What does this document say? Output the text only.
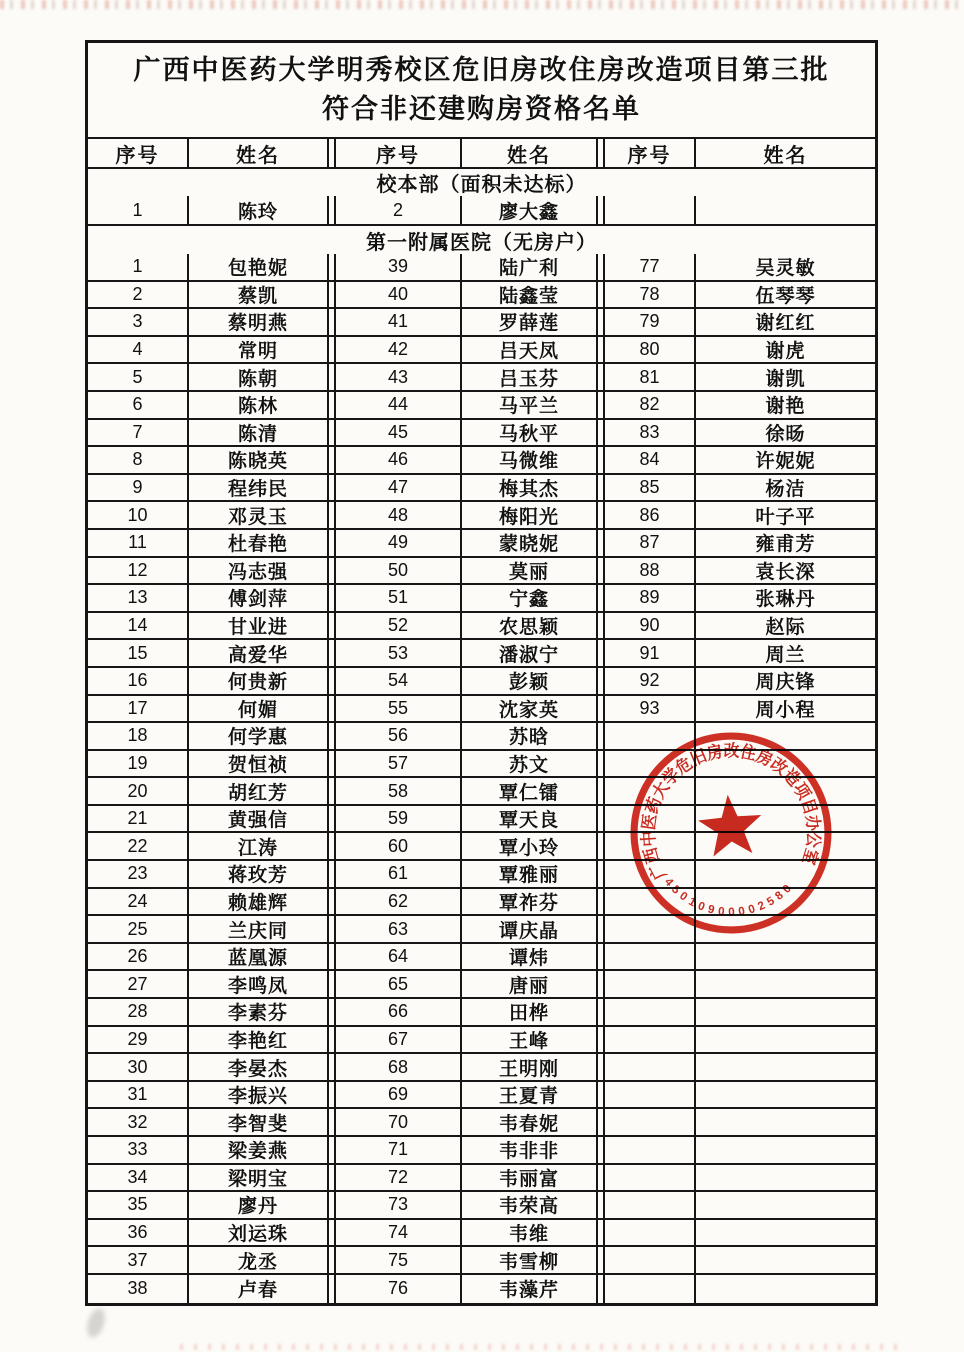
广西中医药大学明秀校区危旧房改住房改造项目第三批
符合非还建购房资格名单
序号	姓名	序号	姓名	序号	姓名
校本部（面积未达标）
1	陈玲	2	廖大鑫
第一附属医院（无房户）
1	包艳妮	39	陆广利	77	吴灵敏
2	蔡凯	40	陆鑫莹	78	伍琴琴
3	蔡明燕	41	罗薛莲	79	谢红红
4	常明	42	吕天凤	80	谢虎
5	陈朝	43	吕玉芬	81	谢凯
6	陈林	44	马平兰	82	谢艳
7	陈清	45	马秋平	83	徐旸
8	陈晓英	46	马微维	84	许妮妮
9	程纬民	47	梅其杰	85	杨洁
10	邓灵玉	48	梅阳光	86	叶子平
11	杜春艳	49	蒙晓妮	87	雍甫芳
12	冯志强	50	莫丽	88	袁长深
13	傅剑萍	51	宁鑫	89	张琳丹
14	甘业进	52	农思颖	90	赵际
15	高爱华	53	潘淑宁	91	周兰
16	何贵新	54	彭颖	92	周庆锋
17	何媚	55	沈家英	93	周小程
18	何学惠	56	苏晗
19	贺恒祯	57	苏文
20	胡红芳	58	覃仁镭
21	黄强信	59	覃天良
22	江涛	60	覃小玲
23	蒋玫芳	61	覃雅丽
24	赖雄辉	62	覃祚芬
25	兰庆同	63	谭庆晶
26	蓝凰源	64	谭炜
27	李鸣凤	65	唐丽
28	李素芬	66	田桦
29	李艳红	67	王峰
30	李晏杰	68	王明刚
31	李振兴	69	王夏青
32	李智斐	70	韦春妮
33	梁姜燕	71	韦非非
34	梁明宝	72	韦丽富
35	廖丹	73	韦荣高
36	刘运珠	74	韦维
37	龙丞	75	韦雪柳
38	卢春	76	韦藻芹
广西中医药大学危旧房改住房改造项目办公室
45010900002580
